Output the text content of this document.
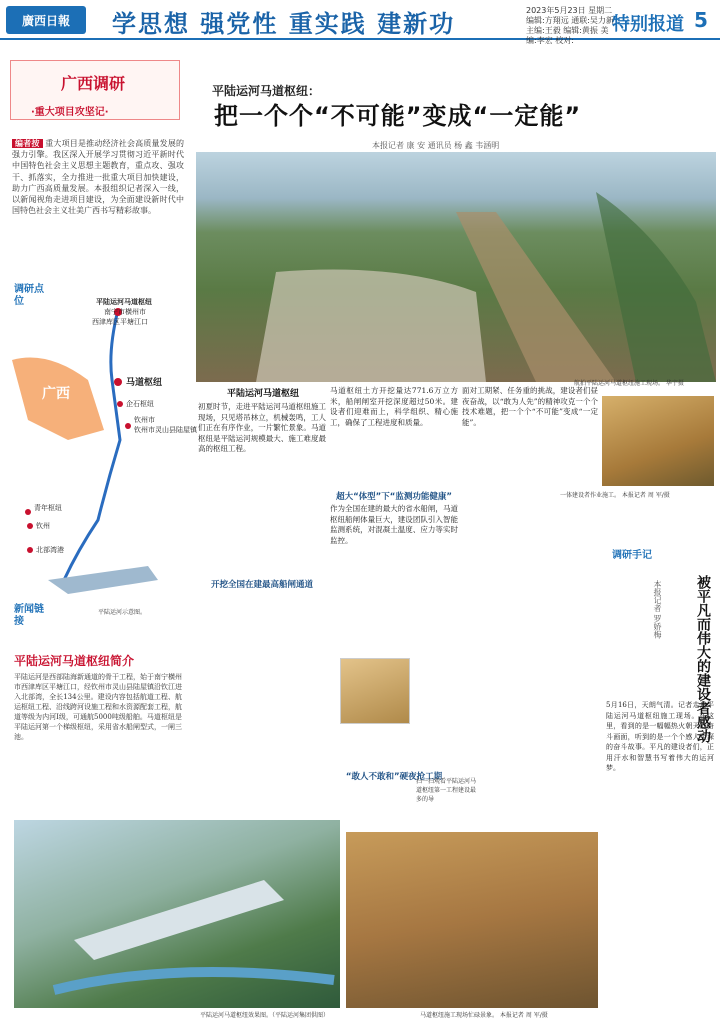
廣西日報	学思想 强党性 重实践 建新功	2023年5月23日 星期二
编辑:方翔远 通联:吴力新
主编:王毅 编辑:黄振 美编:李宏 校对:
特别报道 5
广西调研
·重大项目攻坚记·
编者按 重大项目是推动经济社会高质量发展的强力引擎。我区深入开展学习贯彻习近平新时代中国特色社会主义思想主题教育，重点攻、强攻干、抓落实，全力推进一批重大项目加快建设，助力广西高质量发展。本报组织记者深入一线，以新闻视角走进项目建设，为全面建设新时代中国特色社会主义壮美广西书写精彩故事。
调研点位
广西
平陆运河马道枢纽
南宁市横州市
西津库区平塘江口
马道枢纽
企石枢纽
钦州市
钦州市灵山县陆屋镇
青年枢纽
钦州
北部湾港
平陆运河示意图。
新闻链接
平陆运河马道枢纽简介
平陆运河是西部陆海新通道的骨干工程，始于南宁横州市西津库区平塘江口，经钦州市灵山县陆屋镇沿钦江进入北部湾，全长134公里。建设内容包括航道工程、航运枢纽工程、沿线跨河设施工程和水资源配套工程，航道等级为内河Ⅰ级，可通航5000吨级船舶。马道枢纽是平陆运河第一个梯级枢纽，采用省水船闸型式，一闸三池。
平陆运河马道枢纽：
把一个个“不可能”变成“一定能”
本报记者 康 安 通讯员 杨 鑫 韦涵明
航拍平陆运河马道枢纽施工现场。 华宇摄
平陆运河马道枢纽
初夏时节，走进平陆运河马道枢纽施工现场，只见塔吊林立，机械轰鸣，工人们正在有序作业，一片繁忙景象。马道枢纽是平陆运河规模最大、施工难度最高的枢纽工程。
开挖全国在建最高船闸通道
马道枢纽土方开挖量达771.6万立方米，船闸闸室开挖深度超过50米。建设者们迎难而上，科学组织、精心施工，确保了工程进度和质量。
超大“体型”下“监测功能健康”
作为全国在建的最大的省水船闸，马道枢纽船闸体量巨大，建设团队引入智能监测系统，对混凝土温度、应力等实时监控。
“敢人不敢和”硬夜抢工期
面对工期紧、任务重的挑战，建设者们昼夜奋战，以“敢为人先”的精神攻克一个个技术难题，把一个个“不可能”变成“一定能”。
一体建设者作业施工。 本报记者 周 军/摄
扫一扫观看平陆运河马道枢纽第一工程建设最多的导
平陆运河马道枢纽效果图。（平陆运河集团供图）	马道枢纽施工现场忙碌景象。 本报记者 周 军/摄
调研手记
被平凡而伟大的建设者感动
本报记者 罗娇梅
5月16日，天朗气清。记者走进平陆运河马道枢纽施工现场。在这里，看到的是一幅幅热火朝天的奋斗画面，听到的是一个个感人至深的奋斗故事。平凡的建设者们，正用汗水和智慧书写着伟大的运河梦。
